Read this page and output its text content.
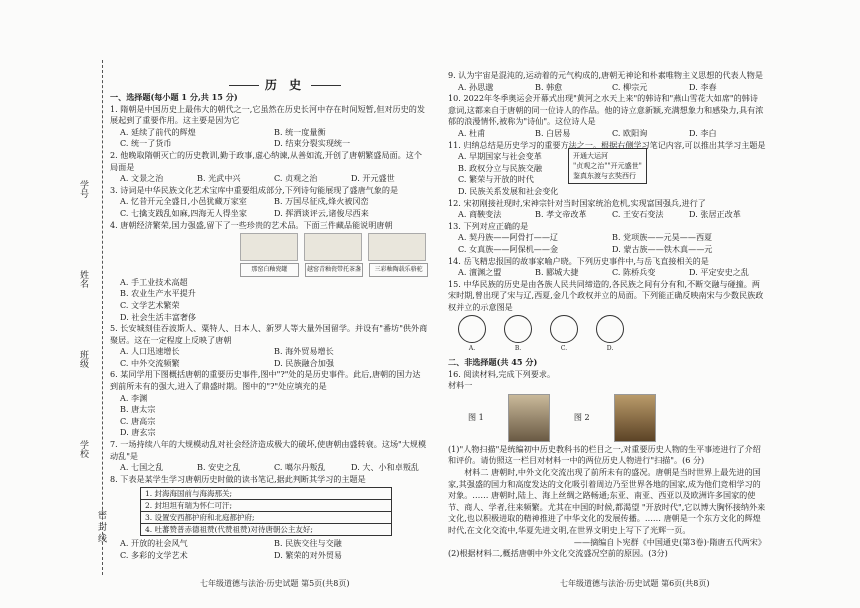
学号
姓名
班级
学校
密 封 线
历 史
一、选择题(每小题 1 分,共 15 分)
1. 隋朝是中国历史上最伟大的朝代之一,它虽然在历史长河中存在时间短暂,但对历史的发展起到了重要作用。这主要是因为它
A. 延续了前代的辉煌	B. 统一度量衡
C. 统一了货币	D. 结束分裂实现统一
2. 他晚取隋朝灭亡的历史教训,勤于政事,虚心纳谏,从善如流,开创了唐朝繁盛局面。这个局面是
A. 文景之治	B. 光武中兴	C. 贞观之治	D. 开元盛世
3. 诗词是中华民族文化艺术宝库中重要组成部分,下列诗句能展现了盛唐气象的是
A. 忆昔开元全盛日,小邑犹藏万家室	B. 万国尽征戍,烽火被冈峦
C. 七擒支践乱如麻,四海无人得坐家	D. 挥洒谈评云,诸俊尽西来
4. 唐朝经济繁荣,国力强盛,留下了一些珍贵的艺术品。下面三件藏品能说明唐朝
那窑白釉瓷罐	越窑青釉瓷带托茶盏	三彩釉陶载乐骆驼
A. 手工业技术高超
B. 农业生产水平提升
C. 文学艺术繁荣
D. 社会生活丰富奢侈
5. 长安城刻佳吞波斯人、粟特人、日本人、新罗人等大量外国留学。并设有"番坊"供外商聚居。这在一定程度上反映了唐朝
A. 人口迅速增长	B. 海外贸易增长
C. 中外交流频繁	D. 民族融合加强
6. 某同学用下图概括唐朝的重要历史事件,图中"?"处的是历史事件。此后,唐朝的国力达到前所未有的强大,进入了鼎盛时期。图中的"?"处应填充的是
A. 李渊
B. 唐太宗
C. 唐高宗
D. 唐玄宗
7. 一场持续八年的大规模动乱对社会经济造成极大的破坏,使唐朝由盛转衰。这场"大规模动乱"是
A. 七国之乱	B. 安史之乱	C. 噶尔丹叛乱	D. 大、小和卓叛乱
8. 下表是某学生学习唐朝历史时做的读书笔记,据此判断其学习的主题是
1. 封海海国前与海海那关;
2. 封坦坦有瑞为怀仁可汗;
3. 设置安西都护府和北庭都护府;
4. 吐蕃赞普赤德祖赞(代赞祖赞)对待唐朝公主友好;
A. 开放的社会风气	B. 民族交往与交融
C. 多彩的文学艺术	D. 繁荣的对外贸易
9. 认为宇宙是混沌的,运动着的元气构成的,唐朝无神论和朴素唯物主义思想的代表人物是
A. 孙思邈	B. 韩愈	C. 柳宗元	D. 李春
10. 2022年冬季奥运会开幕式出现"黄河之水天上来"的韩诗和"燕山雪花大如席"的韩诗意词,这都来自于唐朝的同一位诗人的作品。他的诗立意新颖,充满想象力和感染力,具有浓郁的浪漫情怀,被称为"诗仙"。这位诗人是
A. 杜甫	B. 白居易	C. 欧阳询	D. 李白
11. 归纳总结是历史学习的重要方法之一。根据右侧学习笔记内容,可以推出其学习主题是
A. 早期国家与社会变革
B. 政权分立与民族交融
C. 繁荣与开放的时代
D. 民族关系发展和社会变化
12. 宋初刚接社现时,宋神宗针对当时国家统治危机,实现富国强兵,进行了
A. 商鞅变法	B. 孝文帝改革	C. 王安石变法	D. 张居正改革
13. 下列对应正确的是
A. 契丹族——阿骨打——辽	B. 党项族——元昊——西夏
C. 女真族——阿保机——金	D. 蒙古族——铁木真——元
14. 岳飞精忠报国的故事家喻户晓。下列历史事件中,与岳飞直接相关的是
A. 澶渊之盟	B. 郾城大捷	C. 陈桥兵变	D. 平定安史之乱
15. 中华民族的历史是由各族人民共同缔造的,各民族之间有分有和,不断交融与碰撞。两宋时期,曾出现了宋与辽,西夏,金几个政权并立的局面。下列能正确反映南宋与少数民族政权并立的示意图是
A.	B.	C.	D.
二、非选择题(共 45 分)
16. 阅读材料,完成下列要求。
材料一
图 1	图 2
(1)"人物扫描"是统编初中历史教科书的栏目之一,对重要历史人物的生平事迹进行了介绍和评价。请仿照这一栏目对材料一中的两位历史人物进行"扫描"。(6 分)
材料二 唐朝时,中外文化交流出现了前所未有的盛况。唐朝是当时世界上最先进的国家,其强盛的国力和高度发达的文化吸引着周边乃至世界各地的国家,成为他们竞相学习的对象。…… 唐朝时,陆上、海上丝绸之路畅通;东亚、南亚、西亚以及欧洲许多国家的使节、商人、学者,往来频繁。尤其在中国的时候,都渴望 "开放时代",它以博大胸怀接纳外来文化,也以积极进取的精神推进了中华文化的发展传播。…… 唐朝是一个东方文化的辉煌时代,在文化交流中,华夏先进文明,在世界文明史上写下了光辉一页。
——摘编自卜宪群《中国通史(第3卷)·隋唐五代两宋》
(2)根据材料二,概括唐朝中外文化交流盛况空前的原因。(3分)
开通大运河
"贞观之治""开元盛世"
鉴真东渡与玄奘西行
七年级道德与法治·历史试题 第5页(共8页)	七年级道德与法治·历史试题 第6页(共8页)
